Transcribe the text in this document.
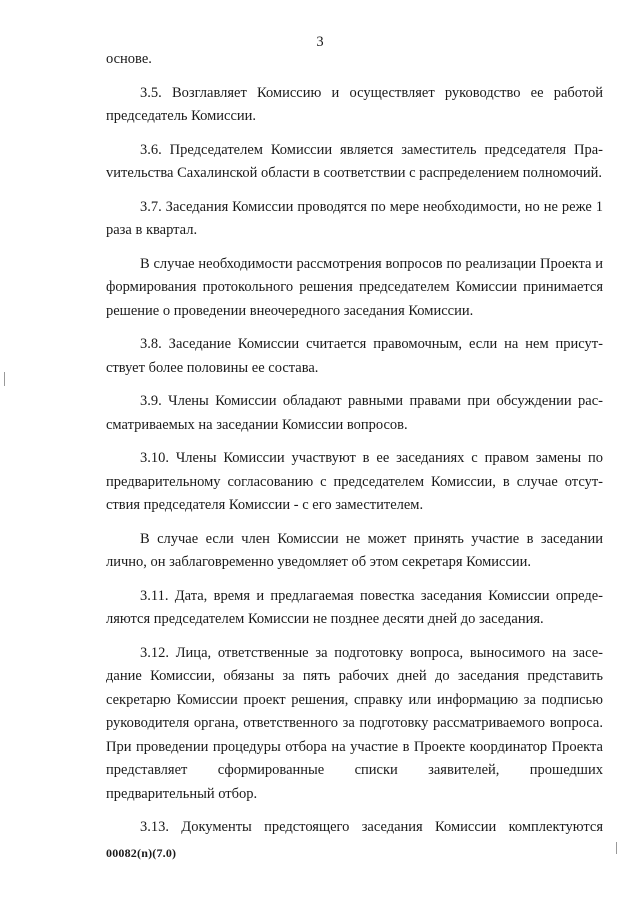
3

основе.

3.5. Возглавляет Комиссию и осуществляет руководство ее работой председатель Комиссии.

3.6. Председателем Комиссии является заместитель председателя Праvительства Сахалинской области в соответствии с распределением полномочий.

3.7. Заседания Комиссии проводятся по мере необходимости, но не реже 1 раза в квартал.

В случае необходимости рассмотрения вопросов по реализации Проекта и формирования протокольного решения председателем Комиссии принимается решение о проведении внеочередного заседания Комиссии.

3.8. Заседание Комиссии считается правомочным, если на нем присутствует более половины ее состава.

3.9. Члены Комиссии обладают равными правами при обсуждении рассматриваемых на заседании Комиссии вопросов.

3.10. Члены Комиссии участвуют в ее заседаниях с правом замены по предварительному согласованию с председателем Комиссии, в случае отсутствия председателя Комиссии - с его заместителем.

В случае если член Комиссии не может принять участие в заседании лично, он заблаговременно уведомляет об этом секретаря Комиссии.

3.11. Дата, время и предлагаемая повестка заседания Комиссии определяются председателем Комиссии не позднее десяти дней до заседания.

3.12. Лица, ответственные за подготовку вопроса, выносимого на заседание Комиссии, обязаны за пять рабочих дней до заседания представить секретарю Комиссии проект решения, справку или информацию за подписью руководителя органа, ответственного за подготовку рассматриваемого вопроса. При проведении процедуры отбора на участие в Проекте координатор Проекта представляет сформированные списки заявителей, прошедших предварительный отбор.

3.13. Документы предстоящего заседания Комиссии комплектуются

00082(n)(7.0)
